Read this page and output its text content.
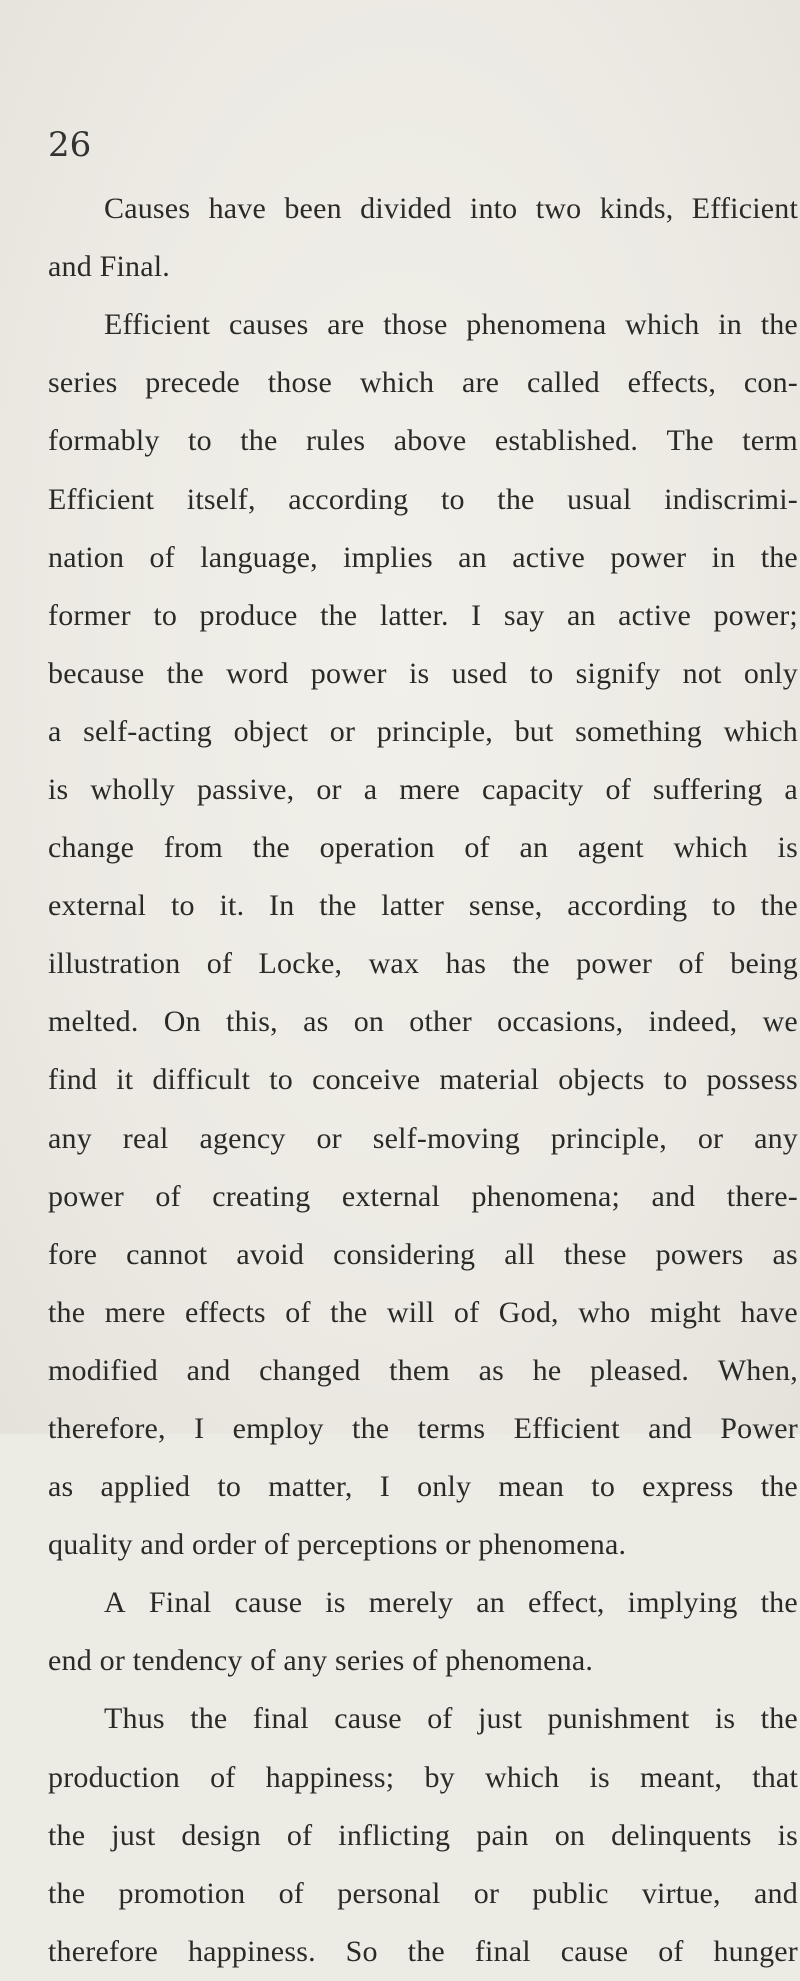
26
Causes have been divided into two kinds, Efficient
and Final.
Efficient causes are those phenomena which in the
series precede those which are called effects, con-
formably to the rules above established. The term
Efficient itself, according to the usual indiscrimi-
nation of language, implies an active power in the
former to produce the latter. I say an active power;
because the word power is used to signify not only
a self-acting object or principle, but something which
is wholly passive, or a mere capacity of suffering a
change from the operation of an agent which is
external to it. In the latter sense, according to the
illustration of Locke, wax has the power of being
melted. On this, as on other occasions, indeed, we
find it difficult to conceive material objects to possess
any real agency or self-moving principle, or any
power of creating external phenomena; and there-
fore cannot avoid considering all these powers as
the mere effects of the will of God, who might have
modified and changed them as he pleased. When,
therefore, I employ the terms Efficient and Power
as applied to matter, I only mean to express the
quality and order of perceptions or phenomena.
A Final cause is merely an effect, implying the
end or tendency of any series of phenomena.
Thus the final cause of just punishment is the
production of happiness; by which is meant, that
the just design of inflicting pain on delinquents is
the promotion of personal or public virtue, and
therefore happiness. So the final cause of hunger
